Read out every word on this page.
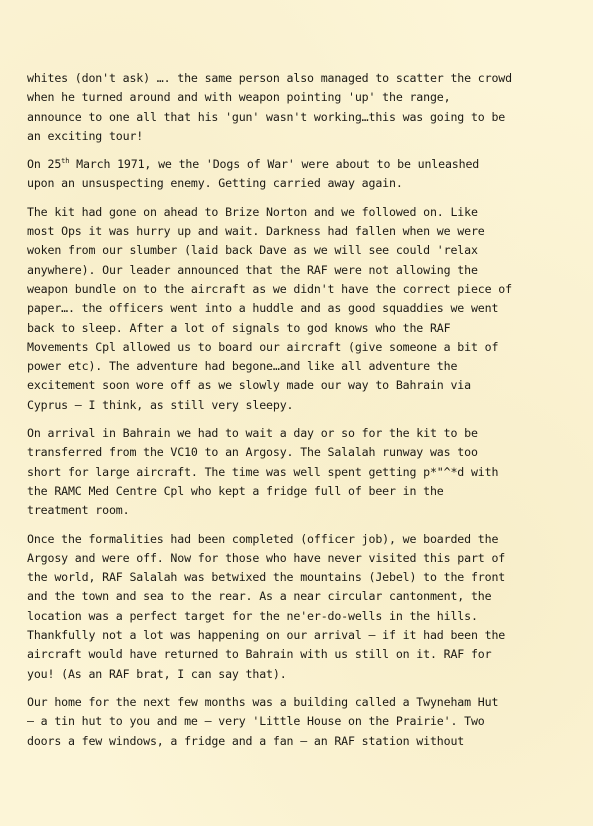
whites (don't ask) …. the same person also managed to scatter the crowd
when he turned around and with weapon pointing 'up' the range,
announce to one all that his 'gun' wasn't working…this was going to be
an exciting tour!
On 25th March 1971, we the 'Dogs of War' were about to be unleashed
upon an unsuspecting enemy. Getting carried away again.
The kit had gone on ahead to Brize Norton and we followed on. Like
most Ops it was hurry up and wait. Darkness had fallen when we were
woken from our slumber (laid back Dave as we will see could 'relax
anywhere). Our leader announced that the RAF were not allowing the
weapon bundle on to the aircraft as we didn't have the correct piece of
paper…. the officers went into a huddle and as good squaddies we went
back to sleep. After a lot of signals to god knows who the RAF
Movements Cpl allowed us to board our aircraft (give someone a bit of
power etc). The adventure had begone…and like all adventure the
excitement soon wore off as we slowly made our way to Bahrain via
Cyprus – I think, as still very sleepy.
On arrival in Bahrain we had to wait a day or so for the kit to be
transferred from the VC10 to an Argosy. The Salalah runway was too
short for large aircraft. The time was well spent getting p*"^*d with
the RAMC Med Centre Cpl who kept a fridge full of beer in the
treatment room.
Once the formalities had been completed (officer job), we boarded the
Argosy and were off. Now for those who have never visited this part of
the world, RAF Salalah was betwixed the mountains (Jebel) to the front
and the town and sea to the rear. As a near circular cantonment, the
location was a perfect target for the ne'er-do-wells in the hills.
Thankfully not a lot was happening on our arrival – if it had been the
aircraft would have returned to Bahrain with us still on it. RAF for
you! (As an RAF brat, I can say that).
Our home for the next few months was a building called a Twyneham Hut
– a tin hut to you and me – very 'Little House on the Prairie'. Two
doors a few windows, a fridge and a fan – an RAF station without
